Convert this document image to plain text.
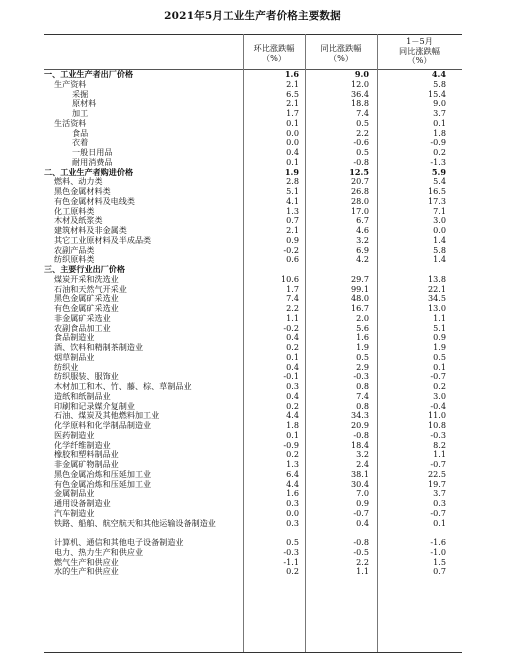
2021年5月工业生产者价格主要数据
环比涨跌幅
（%）
同比涨跌幅
（%）
1－5月
同比涨跌幅
（%）
一、工业生产者出厂价格	1.6	9.0	4.4
生产资料	2.1	12.0	5.8
采掘	6.5	36.4	15.4
原材料	2.1	18.8	9.0
加工	1.7	7.4	3.7
生活资料	0.1	0.5	0.1
食品	0.0	2.2	1.8
衣着	0.0	-0.6	-0.9
一般日用品	0.4	0.5	0.2
耐用消费品	0.1	-0.8	-1.3
二、工业生产者购进价格	1.9	12.5	5.9
燃料、动力类	2.8	20.7	5.4
黑色金属材料类	5.1	26.8	16.5
有色金属材料及电线类	4.1	28.0	17.3
化工原料类	1.3	17.0	7.1
木材及纸浆类	0.7	6.7	3.0
建筑材料及非金属类	2.1	4.6	0.0
其它工业原材料及半成品类	0.9	3.2	1.4
农副产品类	-0.2	6.9	5.8
纺织原料类	0.6	4.2	1.4
三、主要行业出厂价格
煤炭开采和洗选业	10.6	29.7	13.8
石油和天然气开采业	1.7	99.1	22.1
黑色金属矿采选业	7.4	48.0	34.5
有色金属矿采选业	2.2	16.7	13.0
非金属矿采选业	1.1	2.0	1.1
农副食品加工业	-0.2	5.6	5.1
食品制造业	0.4	1.6	0.9
酒、饮料和精制茶制造业	0.2	1.9	1.9
烟草制品业	0.1	0.5	0.5
纺织业	0.4	2.9	0.1
纺织服装、服饰业	-0.1	-0.3	-0.7
木材加工和木、竹、藤、棕、草制品业	0.3	0.8	0.2
造纸和纸制品业	0.4	7.4	3.0
印刷和记录媒介复制业	0.2	0.8	-0.4
石油、煤炭及其他燃料加工业	4.4	34.3	11.0
化学原料和化学制品制造业	1.8	20.9	10.8
医药制造业	0.1	-0.8	-0.3
化学纤维制造业	-0.9	18.4	8.2
橡胶和塑料制品业	0.2	3.2	1.1
非金属矿物制品业	1.3	2.4	-0.7
黑色金属冶炼和压延加工业	6.4	38.1	22.5
有色金属冶炼和压延加工业	4.4	30.4	19.7
金属制品业	1.6	7.0	3.7
通用设备制造业	0.3	0.9	0.3
汽车制造业	0.0	-0.7	-0.7
铁路、船舶、航空航天和其他运输设备制造业	0.3	0.4	0.1
计算机、通信和其他电子设备制造业	0.5	-0.8	-1.6
电力、热力生产和供应业	-0.3	-0.5	-1.0
燃气生产和供应业	-1.1	2.2	1.5
水的生产和供应业	0.2	1.1	0.7
